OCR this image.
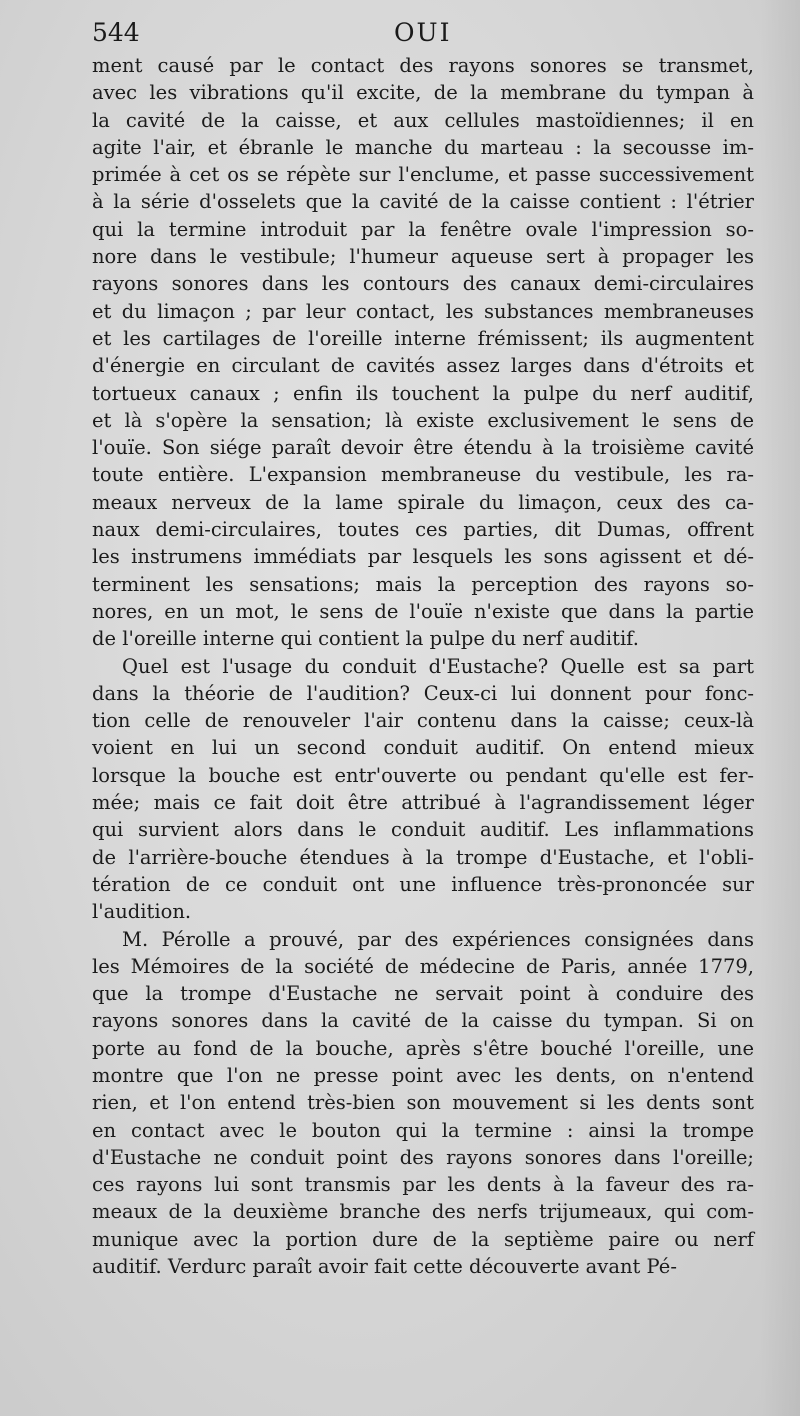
544	OUI
ment causé par le contact des rayons sonores se transmet,
avec les vibrations qu'il excite, de la membrane du tympan à
la cavité de la caisse, et aux cellules mastoïdiennes; il en
agite l'air, et ébranle le manche du marteau : la secousse im-
primée à cet os se répète sur l'enclume, et passe successivement
à la série d'osselets que la cavité de la caisse contient : l'étrier
qui la termine introduit par la fenêtre ovale l'impression so-
nore dans le vestibule; l'humeur aqueuse sert à propager les
rayons sonores dans les contours des canaux demi-circulaires
et du limaçon ; par leur contact, les substances membraneuses
et les cartilages de l'oreille interne frémissent; ils augmentent
d'énergie en circulant de cavités assez larges dans d'étroits et
tortueux canaux ; enfin ils touchent la pulpe du nerf auditif,
et là s'opère la sensation; là existe exclusivement le sens de
l'ouïe. Son siége paraît devoir être étendu à la troisième cavité
toute entière. L'expansion membraneuse du vestibule, les ra-
meaux nerveux de la lame spirale du limaçon, ceux des ca-
naux demi-circulaires, toutes ces parties, dit Dumas, offrent
les instrumens immédiats par lesquels les sons agissent et dé-
terminent les sensations; mais la perception des rayons so-
nores, en un mot, le sens de l'ouïe n'existe que dans la partie
de l'oreille interne qui contient la pulpe du nerf auditif.
Quel est l'usage du conduit d'Eustache? Quelle est sa part
dans la théorie de l'audition? Ceux-ci lui donnent pour fonc-
tion celle de renouveler l'air contenu dans la caisse; ceux-là
voient en lui un second conduit auditif. On entend mieux
lorsque la bouche est entr'ouverte ou pendant qu'elle est fer-
mée; mais ce fait doit être attribué à l'agrandissement léger
qui survient alors dans le conduit auditif. Les inflammations
de l'arrière-bouche étendues à la trompe d'Eustache, et l'obli-
tération de ce conduit ont une influence très-prononcée sur
l'audition.
M. Pérolle a prouvé, par des expériences consignées dans
les Mémoires de la société de médecine de Paris, année 1779,
que la trompe d'Eustache ne servait point à conduire des
rayons sonores dans la cavité de la caisse du tympan. Si on
porte au fond de la bouche, après s'être bouché l'oreille, une
montre que l'on ne presse point avec les dents, on n'entend
rien, et l'on entend très-bien son mouvement si les dents sont
en contact avec le bouton qui la termine : ainsi la trompe
d'Eustache ne conduit point des rayons sonores dans l'oreille;
ces rayons lui sont transmis par les dents à la faveur des ra-
meaux de la deuxième branche des nerfs trijumeaux, qui com-
munique avec la portion dure de la septième paire ou nerf
auditif. Verdurc paraît avoir fait cette découverte avant Pé-
